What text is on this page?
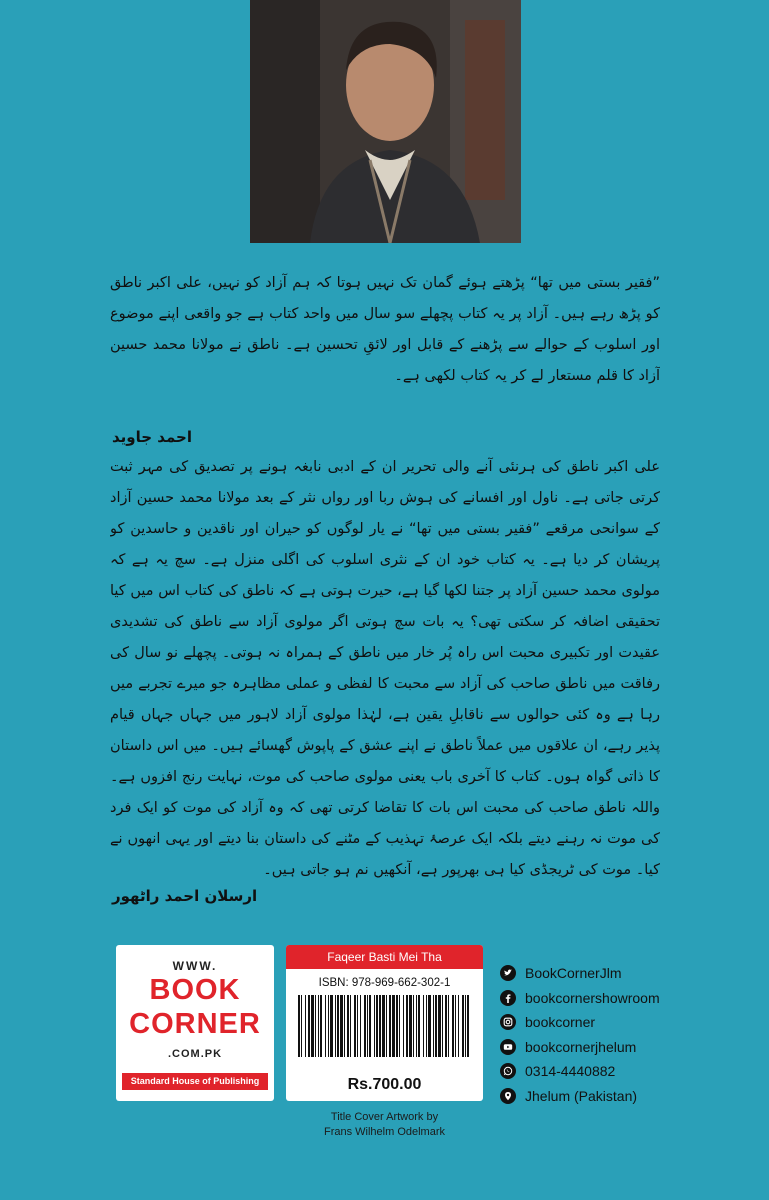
”فقیر بستی میں تھا“ پڑھتے ہوئے گمان تک نہیں ہوتا کہ ہم آزاد کو نہیں، علی اکبر ناطق کو پڑھ رہے ہیں۔ آزاد پر یہ کتاب پچھلے سو سال میں واحد کتاب ہے جو واقعی اپنے موضوع اور اسلوب کے حوالے سے پڑھنے کے قابل اور لائقِ تحسین ہے۔ ناطق نے مولانا محمد حسین آزاد کا قلم مستعار لے کر یہ کتاب لکھی ہے۔

احمد جاوید

علی اکبر ناطق کی ہرنئی آنے والی تحریر ان کے ادبی نابغہ ہونے پر تصدیق کی مہر ثبت کرتی جاتی ہے۔ ناول اور افسانے کی ہوش ربا اور رواں نثر کے بعد مولانا محمد حسین آزاد کے سوانحی مرقعے ”فقیر بستی میں تھا“ نے یار لوگوں کو حیران اور ناقدین و حاسدین کو پریشان کر دیا ہے۔ یہ کتاب خود ان کے نثری اسلوب کی اگلی منزل ہے۔ سچ یہ ہے کہ مولوی محمد حسین آزاد پر جتنا لکھا گیا ہے، حیرت ہوتی ہے کہ ناطق کی کتاب اس میں کیا تحقیقی اضافہ کر سکتی تھی؟ یہ بات سچ ہوتی اگر مولوی آزاد سے ناطق کی تشدیدی عقیدت اور تکبیری محبت اس راہ پُر خار میں ناطق کے ہمراہ نہ ہوتی۔ پچھلے نو سال کی رفاقت میں ناطق صاحب کی آزاد سے محبت کا لفظی و عملی مظاہرہ جو میرے تجربے میں رہا ہے وہ کئی حوالوں سے ناقابلِ یقین ہے، لہٰذا مولوی آزاد لاہور میں جہاں جہاں قیام پذیر رہے، ان علاقوں میں عملاً ناطق نے اپنے عشق کے پاپوش گھسائے ہیں۔ میں اس داستان کا ذاتی گواہ ہوں۔ کتاب کا آخری باب یعنی مولوی صاحب کی موت، نہایت رنج افزوں ہے۔ واللہ ناطق صاحب کی محبت اس بات کا تقاضا کرتی تھی کہ وہ آزاد کی موت کو ایک فرد کی موت نہ رہنے دیتے بلکہ ایک عرصۂ تہذیب کے مٹنے کی داستان بنا دیتے اور یہی انھوں نے کیا۔ موت کی ٹریجڈی کیا ہی بھرپور ہے، آنکھیں نم ہو جاتی ہیں۔

ارسلان احمد راٹھور
WWW.
BOOK
CORNER
.COM.PK
Standard House of Publishing
Faqeer Basti Mei Tha
ISBN: 978-969-662-302-1
Rs.700.00
Title Cover Artwork by
Frans Wilhelm Odelmark
BookCornerJlm
bookcornershowroom
bookcorner
bookcornerjhelum
0314-4440882
Jhelum (Pakistan)
